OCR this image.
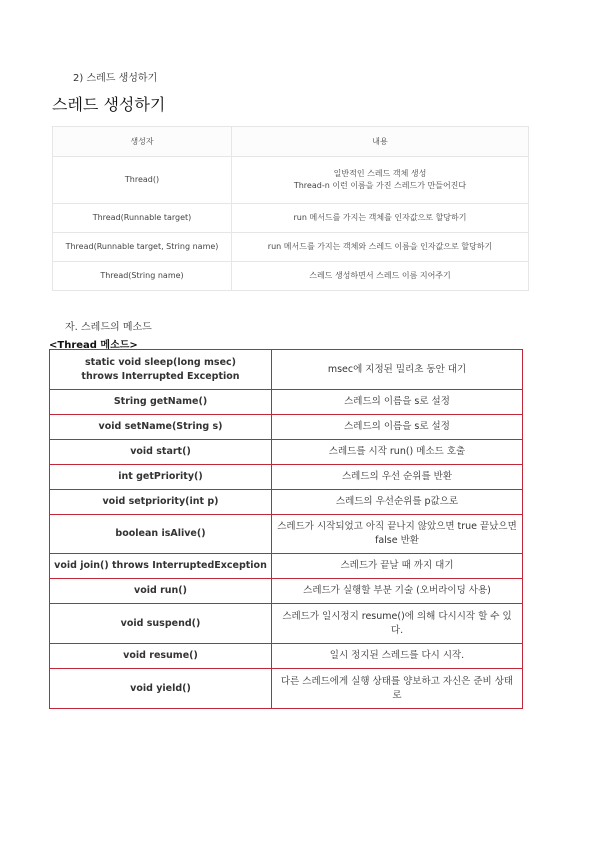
2) 스레드 생성하기
스레드 생성하기
생성자	내용
Thread()	일반적인 스레드 객체 생성
Thread-n 이런 이름을 가진 스레드가 만들어진다

Thread(Runnable target)	run 메서드를 가지는 객체를 인자값으로 할당하기

Thread(Runnable target, String name)	run 메서드를 가지는 객체와 스레드 이름을 인자값으로 할당하기

Thread(String name)	스레드 생성하면서 스레드 이름 지어주기
자. 스레드의 메소드
<Thread 메소드>
static void sleep(long msec)
throws Interrupted Exception	msec에 지정된 밀리초 동안 대기

String getName()	스레드의 이름을 s로 설정

void setName(String s)	스레드의 이름을 s로 설정

void start()	스레드를 시작 run() 메소드 호출

int getPriority()	스레드의 우선 순위를 반환

void setpriority(int p)	스레드의 우선순위를 p값으로

boolean isAlive()	스레드가 시작되었고 아직 끝나지 않았으면 true 끝났으면
false 반환

void join() throws InterruptedException	스레드가 끝날 때 까지 대기

void run()	스레드가 실행할 부분 기술 (오버라이딩 사용)

void suspend()	스레드가 일시정지 resume()에 의해 다시시작 할 수 있
다.

void resume()	일시 정지된 스레드를 다시 시작.

void yield()	다른 스레드에게 실행 상태를 양보하고 자신은 준비 상태
로
